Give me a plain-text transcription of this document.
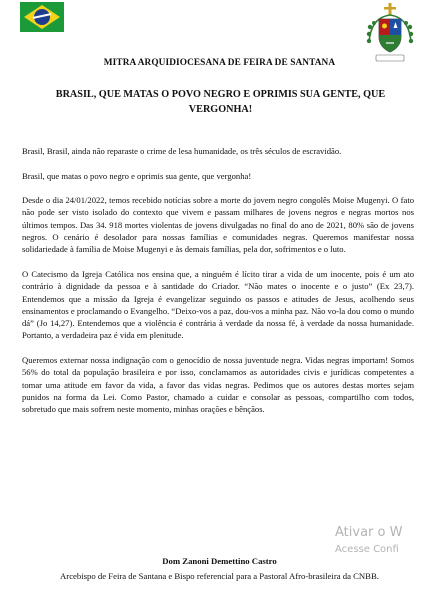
MITRA ARQUIDIOCESANA DE FEIRA DE SANTANA
BRASIL, QUE MATAS O POVO NEGRO E OPRIMIS SUA GENTE, QUE VERGONHA!

Brasil, Brasil, ainda não reparaste o crime de lesa humanidade, os três séculos de escravidão.

Brasil, que matas o povo negro e oprimis sua gente, que vergonha!

Desde o dia 24/01/2022, temos recebido notícias sobre a morte do jovem negro congolês Moise Mugenyi. O fato não pode ser visto isolado do contexto que vivem e passam milhares de jovens negros e negras mortos nos últimos tempos. Das 34. 918 mortes violentas de jovens divulgadas no final do ano de 2021, 80% são de jovens negros. O cenário é desolador para nossas famílias e comunidades negras. Queremos manifestar nossa solidariedade à família de Moise Mugenyi e às demais famílias, pela dor, sofrimentos e o luto.

O Catecismo da Igreja Católica nos ensina que, a ninguém é lícito tirar a vida de um inocente, pois é um ato contrário à dignidade da pessoa e à santidade do Criador. “Não mates o inocente e o justo” (Ex 23,7). Entendemos que a missão da Igreja é evangelizar seguindo os passos e atitudes de Jesus, acolhendo seus ensinamentos e proclamando o Evangelho. “Deixo-vos a paz, dou-vos a minha paz. Não vo-la dou como o mundo dá” (Jo 14,27). Entendemos que a violência é contrária à verdade da nossa fé, à verdade da nossa humanidade. Portanto, a verdadeira paz é vida em plenitude.

Queremos externar nossa indignação com o genocídio de nossa juventude negra. Vidas negras importam! Somos 56% do total da população brasileira e por isso, conclamamos as autoridades civis e jurídicas competentes a tomar uma atitude em favor da vida, a favor das vidas negras. Pedimos que os autores destas mortes sejam punidos na forma da Lei. Como Pastor, chamado a cuidar e consolar as pessoas, compartilho com todos, sobretudo que mais sofrem neste momento, minhas orações e bênçãos.

Dom Zanoni Demettino Castro
Arcebispo de Feira de Santana e Bispo referencial para a Pastoral Afro-brasileira da CNBB.
Ativar o W
Acesse Confi
